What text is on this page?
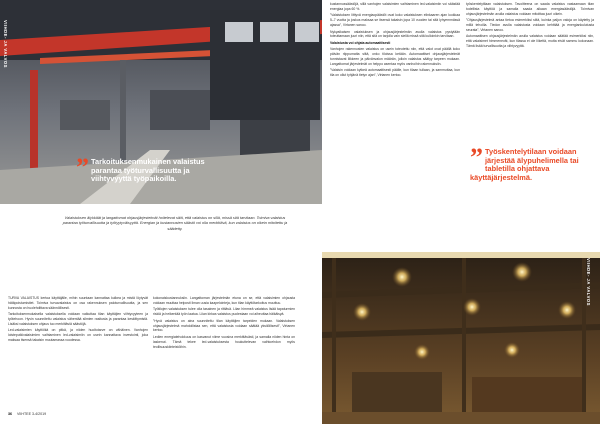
VIIHDE- JA VALVOS
” Tarkoituksenmukainen valaistus parantaa työturvallisuutta ja viihtyvyyttä työpaikoilla.

kustannussäästöjä, sillä vanhojen valaisimien vaihtaminen led-valaisimiin voi säästää energiaa jopa 60 %.

”Valaistuksen liittyvä energiaopäästöt ovat koko valaistuksen elinkaaren ajan luokkaa 5–7 vuotta ja joskus maksaa se itsensä takaisin jopa 10 vuoden tai sitä lyhyemmässä ajassa”, Virtanen sanoo.

Nykyaikaisen valaistuksen ja ohjausjärjestelmän avulla valaistus pystytään toteuttamaan juuri niin, että sitä on tarjolla vain siellä missä sitä kulloinkin tarvitaan.

Valaistusta voi ohjata automaattisesti

Vanhojen rakennusten valaistus on usein toteutettu niin, että valot ovat päällä koko päivän riippumatta siitä, onko tiloissa ketään. Automaattiset ohjausjärjestelmät tunnistavat liikkeen ja päivänvalon määrän, jolloin valaistus säätyy tarpeen mukaan. Langattomat järjestelmät on helppo asentaa myös vanhoihin rakennuksiin.

”Valaisin voidaan kytkeä automaattisesti päälle, kun tilaan tullaan, ja sammuttaa, kun tila on ollut tyhjänä tietyn ajan”, Virtanen kertoo.

työskentelytilaan valaistuksen. Tavoitteena on saada valaistus vastaamaan tilan todellista käyttöä ja samalla saada aikaan energiasäästöjä. Toimivan ohjausjärjestelmän avulla valaistus voidaan mitoittaa juuri oikein.

”Ohjausjärjestelmä antaa tietoa esimerkiksi siitä, kuinka paljon valoja on käytetty ja millä tehoilla. Tiedon avulla valaistusta voidaan kehittää ja energiankulutusta seurata”, Virtanen sanoo.

Automaattisen ohjausjärjestelmän avulla valaistus voidaan säätää esimerkiksi niin, että valaisimet himmenevät, kun tilassa ei ole liikettä, mutta eivät sammu kokonaan. Tämä lisää turvallisuutta ja viihtyvyyttä.

” Työskentelytilaan voidaan järjestää älypuhelimella tai tabletilla ohjattava käyttäjärjestelmä.
Valaistuksen älykkäät ja langattomat ohjausjärjestelmät hoitelevat siitä, että valaistus on sillä, missä sitä tarvitaan. Toimiva valaistus parantaa työturvallisuutta ja työtyytyväisyyttä. Energian ja kustannusten säästö voi olla merkittävä, kun valaistus on oikein mitoitettu ja säädetty.
VIIHDE- JA VALVOS

TURVA VALAISTUS kertoa käyttäjälle, mihin suuntaan kannattaa kulkea ja mistä löytyvät hätäpoistumistiet. Toimiva turvavalaistus on osa rakennuksen paloturvallisuutta, ja sen kunnosta on huolehdittava säännöllisesti.

Tarkoituksenmukaisella valaistuksella voidaan vaikuttaa tilan käyttäjien viihtyvyyteen ja työtehoon. Hyvin suunniteltu valaistus vähentää silmien rasitusta ja parantaa keskittymistä. Lisäksi valaistuksen ohjaus tuo merkittäviä säästöjä.

Led-valaisimien käyttöikä on pitkä, ja niiden huoltotarve on vähäinen. Vanhojen loisteputkivalaisimien vaihtaminen led-valaisimiin on usein kannattava investointi, joka maksaa itsensä takaisin muutamassa vuodessa.

kokonaiskustannuksiin. Langattoman järjestelmän etuna on se, että valaisimien ohjausta voidaan muuttaa helposti ilman uusia kaapelointeja, kun tilan käyttötarkoitus muuttuu.

Työtilojen valaistuksen tulee olla tasainen ja riittävä. Liian himmeä valaistus lisää tapaturmien riskiä ja heikentää työn laatua. Liian kirkas valaistus puolestaan voi aiheuttaa häikäisyä.

”Hyvä valaistus on aina suunniteltu tilan käyttäjien tarpeiden mukaan. Valaistuksen ohjausjärjestelmä mahdollistaa sen, että valaistusta voidaan säätää yksilöllisesti”, Virtanen kertoo.

Ledien energiatehokkuus on kasvanut viime vuosina merkittävästi, ja samalla niiden hinta on laskenut. Tämä tekee led-valaistuksesta houkuttelevan vaihtoehdon myös teollisuuskiinteistöihin.

36 VIIHTEE 3-4/2019
